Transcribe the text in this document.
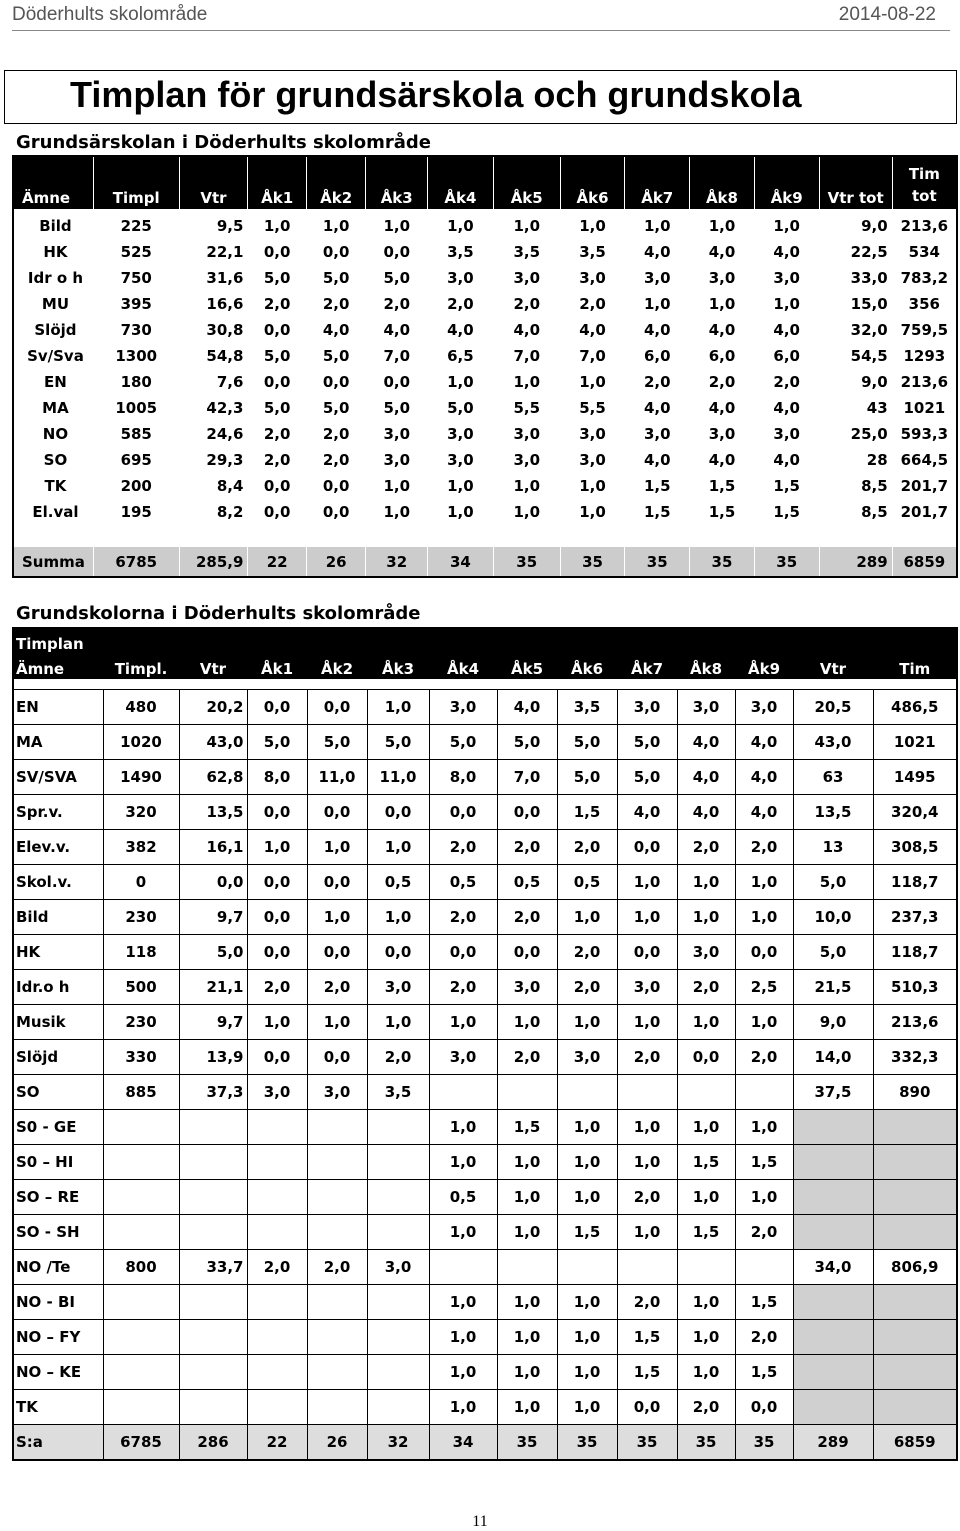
Döderhults skolområde	2014-08-22
Timplan för grundsärskola och grundskola
Grundsärskolan i Döderhults skolområde
Ämne	Timpl	Vtr	Åk1	Åk2	Åk3	Åk4	Åk5	Åk6	Åk7	Åk8	Åk9	Vtr tot	Tim tot
Bild	225	9,5	1,0	1,0	1,0	1,0	1,0	1,0	1,0	1,0	1,0	9,0	213,6
HK	525	22,1	0,0	0,0	0,0	3,5	3,5	3,5	4,0	4,0	4,0	22,5	534
Idr o h	750	31,6	5,0	5,0	5,0	3,0	3,0	3,0	3,0	3,0	3,0	33,0	783,2
MU	395	16,6	2,0	2,0	2,0	2,0	2,0	2,0	1,0	1,0	1,0	15,0	356
Slöjd	730	30,8	0,0	4,0	4,0	4,0	4,0	4,0	4,0	4,0	4,0	32,0	759,5
Sv/Sva	1300	54,8	5,0	5,0	7,0	6,5	7,0	7,0	6,0	6,0	6,0	54,5	1293
EN	180	7,6	0,0	0,0	0,0	1,0	1,0	1,0	2,0	2,0	2,0	9,0	213,6
MA	1005	42,3	5,0	5,0	5,0	5,0	5,5	5,5	4,0	4,0	4,0	43	1021
NO	585	24,6	2,0	2,0	3,0	3,0	3,0	3,0	3,0	3,0	3,0	25,0	593,3
SO	695	29,3	2,0	2,0	3,0	3,0	3,0	3,0	4,0	4,0	4,0	28	664,5
TK	200	8,4	0,0	0,0	1,0	1,0	1,0	1,0	1,5	1,5	1,5	8,5	201,7
El.val	195	8,2	0,0	0,0	1,0	1,0	1,0	1,0	1,5	1,5	1,5	8,5	201,7

Summa	6785	285,9	22	26	32	34	35	35	35	35	35	289	6859
Grundskolorna i Döderhults skolområde
Timplan													
Ämne	Timpl.	Vtr	Åk1	Åk2	Åk3	Åk4	Åk5	Åk6	Åk7	Åk8	Åk9	Vtr	Tim

EN	480	20,2	0,0	0,0	1,0	3,0	4,0	3,5	3,0	3,0	3,0	20,5	486,5
MA	1020	43,0	5,0	5,0	5,0	5,0	5,0	5,0	5,0	4,0	4,0	43,0	1021
SV/SVA	1490	62,8	8,0	11,0	11,0	8,0	7,0	5,0	5,0	4,0	4,0	63	1495
Spr.v.	320	13,5	0,0	0,0	0,0	0,0	0,0	1,5	4,0	4,0	4,0	13,5	320,4
Elev.v.	382	16,1	1,0	1,0	1,0	2,0	2,0	2,0	0,0	2,0	2,0	13	308,5
Skol.v.	0	0,0	0,0	0,0	0,5	0,5	0,5	0,5	1,0	1,0	1,0	5,0	118,7
Bild	230	9,7	0,0	1,0	1,0	2,0	2,0	1,0	1,0	1,0	1,0	10,0	237,3
HK	118	5,0	0,0	0,0	0,0	0,0	0,0	2,0	0,0	3,0	0,0	5,0	118,7
Idr.o h	500	21,1	2,0	2,0	3,0	2,0	3,0	2,0	3,0	2,0	2,5	21,5	510,3
Musik	230	9,7	1,0	1,0	1,0	1,0	1,0	1,0	1,0	1,0	1,0	9,0	213,6
Slöjd	330	13,9	0,0	0,0	2,0	3,0	2,0	3,0	2,0	0,0	2,0	14,0	332,3
SO	885	37,3	3,0	3,0	3,5							37,5	890
S0 - GE						1,0	1,5	1,0	1,0	1,0	1,0		
S0 – HI						1,0	1,0	1,0	1,0	1,5	1,5		
SO – RE						0,5	1,0	1,0	2,0	1,0	1,0		
SO - SH						1,0	1,0	1,5	1,0	1,5	2,0		
NO /Te	800	33,7	2,0	2,0	3,0							34,0	806,9
NO - BI						1,0	1,0	1,0	2,0	1,0	1,5		
NO – FY						1,0	1,0	1,0	1,5	1,0	2,0		
NO – KE						1,0	1,0	1,0	1,5	1,0	1,5		
TK						1,0	1,0	1,0	0,0	2,0	0,0		
S:a	6785	286	22	26	32	34	35	35	35	35	35	289	6859
11
